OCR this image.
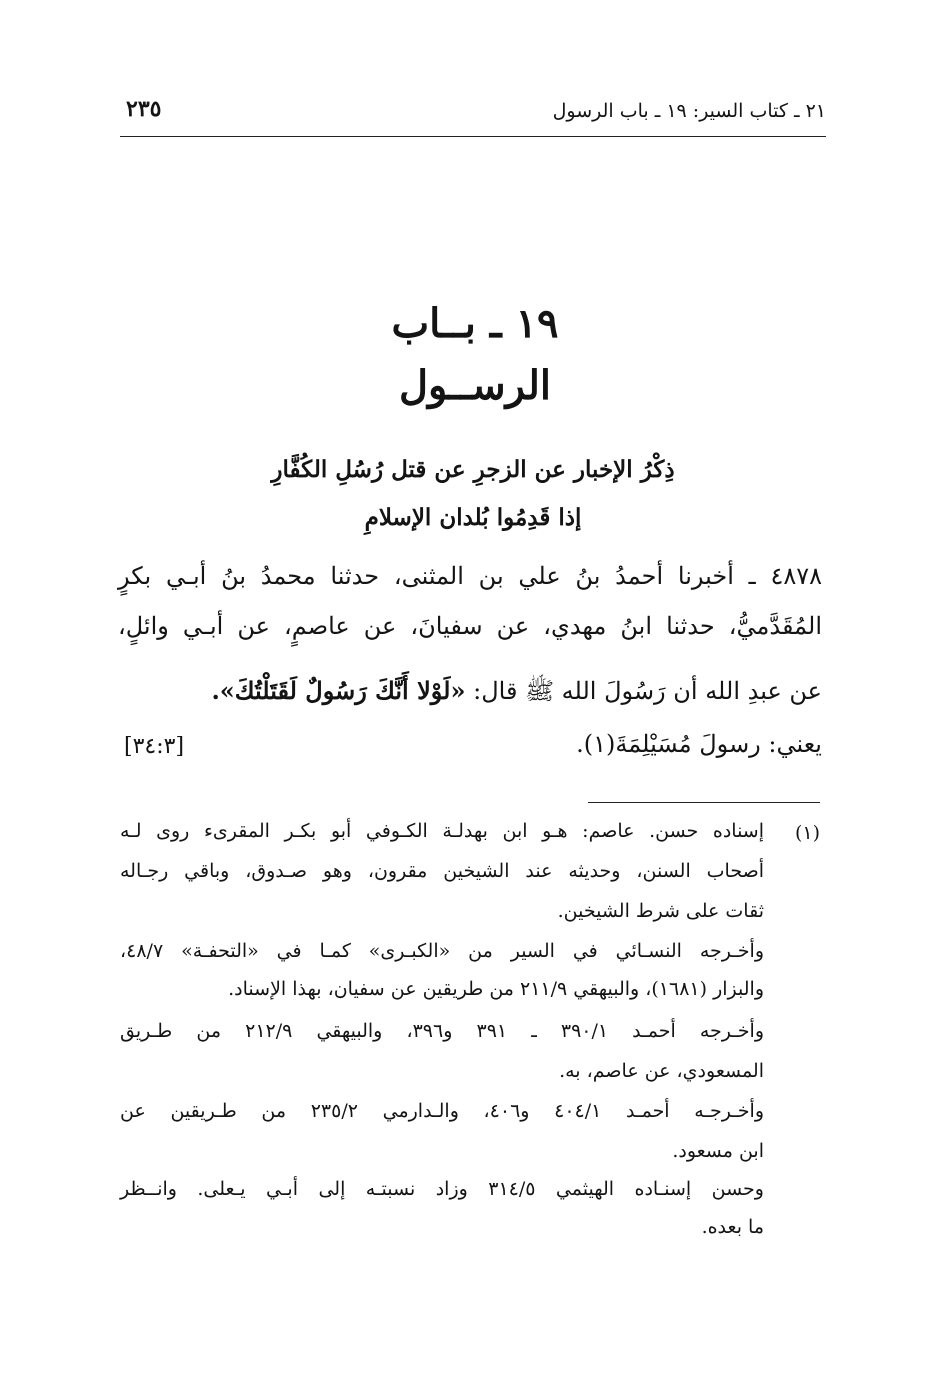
٢١ ـ كتاب السير: ١٩ ـ باب الرسول
٢٣٥
١٩ ـ بــاب
الرســول
ذِكْرُ الإخبار عن الزجرِ عن قتل رُسُلِ الكُفَّارِ
إذا قَدِمُوا بُلدان الإسلامِ
٤٨٧٨ ـ أخبرنا أحمدُ بنُ علي بن المثنى، حدثنا محمدُ بنُ أبـي بكرٍ
المُقَدَّميُّ، حدثنا ابنُ مهدي، عن سفيانَ، عن عاصمٍ، عن أبـي وائلٍ،
عن عبدِ الله أن رَسُولَ الله ﷺ قال: «لَوْلا أَنَّكَ رَسُولٌ لَقَتَلْتُكَ».
يعني: رسولَ مُسَيْلِمَةَ(١).
[٣٤:٣]
(١)
إسناده حسن. عاصم: هـو ابن بهدلـة الكـوفي أبو بكـر المقرىء روى لـه
أصحاب السنن، وحديثه عند الشيخين مقرون، وهو صـدوق، وباقي رجـاله
ثقات على شرط الشيخين.
وأخـرجه النسـائي في السير من «الكبـرى» كمـا في «التحفـة» ٤٨/٧،
والبزار (١٦٨١)، والبيهقي ٢١١/٩ من طريقين عن سفيان، بهذا الإسناد.
وأخـرجه أحمـد ٣٩٠/١ ـ ٣٩١ و٣٩٦، والبيهقي ٢١٢/٩ من طـريق
المسعودي، عن عاصم، به.
وأخـرجـه أحمـد ٤٠٤/١ و٤٠٦، والـدارمي ٢٣٥/٢ من طـريقين عن
ابن مسعود.
وحسن إسنـاده الهيثمي ٣١٤/٥ وزاد نسبتـه إلى أبـي يـعلى. وانــظر
ما بعده.
